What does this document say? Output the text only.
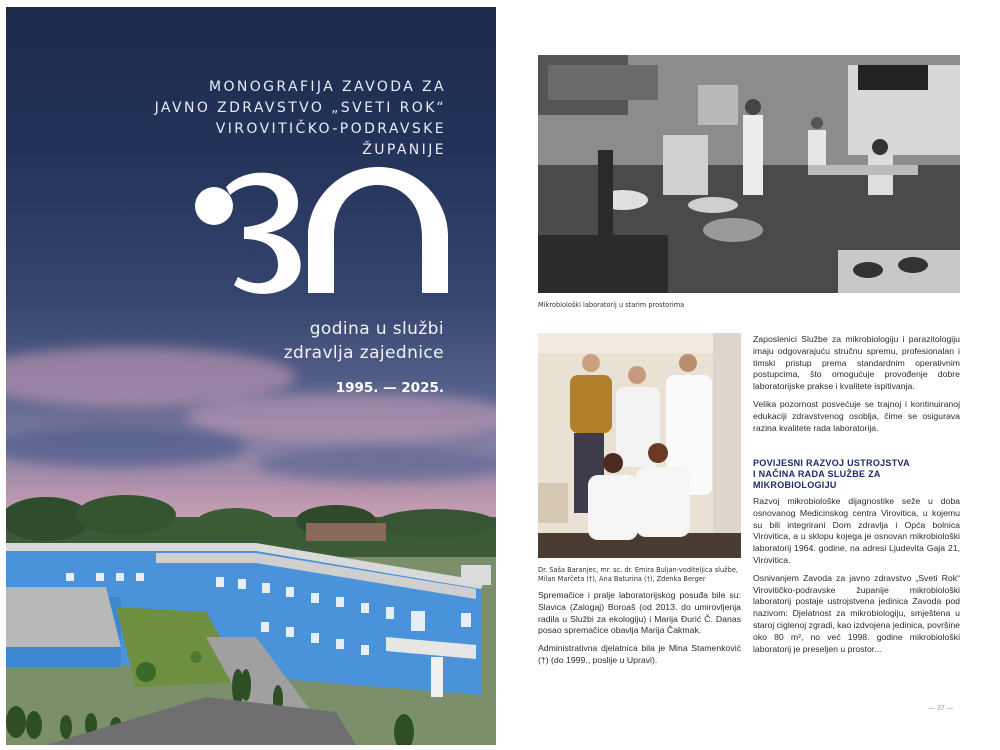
MONOGRAFIJA ZAVODA ZA
JAVNO ZDRAVSTVO „SVETI ROK“
VIROVITIČKO-PODRAVSKE ŽUPANIJE
godina u službi
zdravlja zajednice
1995. — 2025.
Mikrobiološki laboratorij u starim prostorima
Dr. Saša Baranjec, mr. sc. dr. Emira Buljan-voditeljica službe,
Milan Marčeta (†), Ana Baturina (†), Zdenka Berger

Spremačice i pralje laboratorijskog posuđa bile su: Slavica (Zalogaj) Boroaš (od 2013. do umirovljenja radila u Službi za ekologiju) i Marija Đurić Č. Danas posao spremačice obavlja Marija Čakmak.

Administrativna djelatnica bila je Mina Stamenković (†) (do 1999., poslije u Upravi).

Zaposlenici Službe za mikrobiologiju i parazitologiju imaju odgovarajuću stručnu spremu, profesionalan i timski pristup prema standardnim operativnim postupcima, što omogućuje provođenje dobre laboratorijske prakse i kvalitete ispitivanja.

Velika pozornost posvećuje se trajnoj i kontinuiranoj edukaciji zdravstvenog osoblja, čime se osigurava razina kvalitete rada laboratorija.

POVIJESNI RAZVOJ USTROJSTVA
I NAČINA RADA SLUŽBE ZA
MIKROBIOLOGIJU

Razvoj mikrobiološke dijagnostike seže u doba osnovanog Medicinskog centra Virovitica, u kojemu su bili integrirani Dom zdravlja i Opća bolnica Virovitica, a u sklopu kojega je osnovan mikrobiološki laboratorij 1964. godine, na adresi Ljudevita Gaja 21, Virovitica.

Osnivanjem Zavoda za javno zdravstvo „Sveti Rok“ Virovitičko-podravske županije mikrobiološki laboratorij postaje ustrojstvena jedinica Zavoda pod nazivom: Djelatnost za mikrobiologiju, smještena u staroj ciglenoj zgradi, kao izdvojena jedinica, površine oko 80 m², no već 1998. godine mikrobiološki laboratorij je preseljen u prostor...

— 37 —
